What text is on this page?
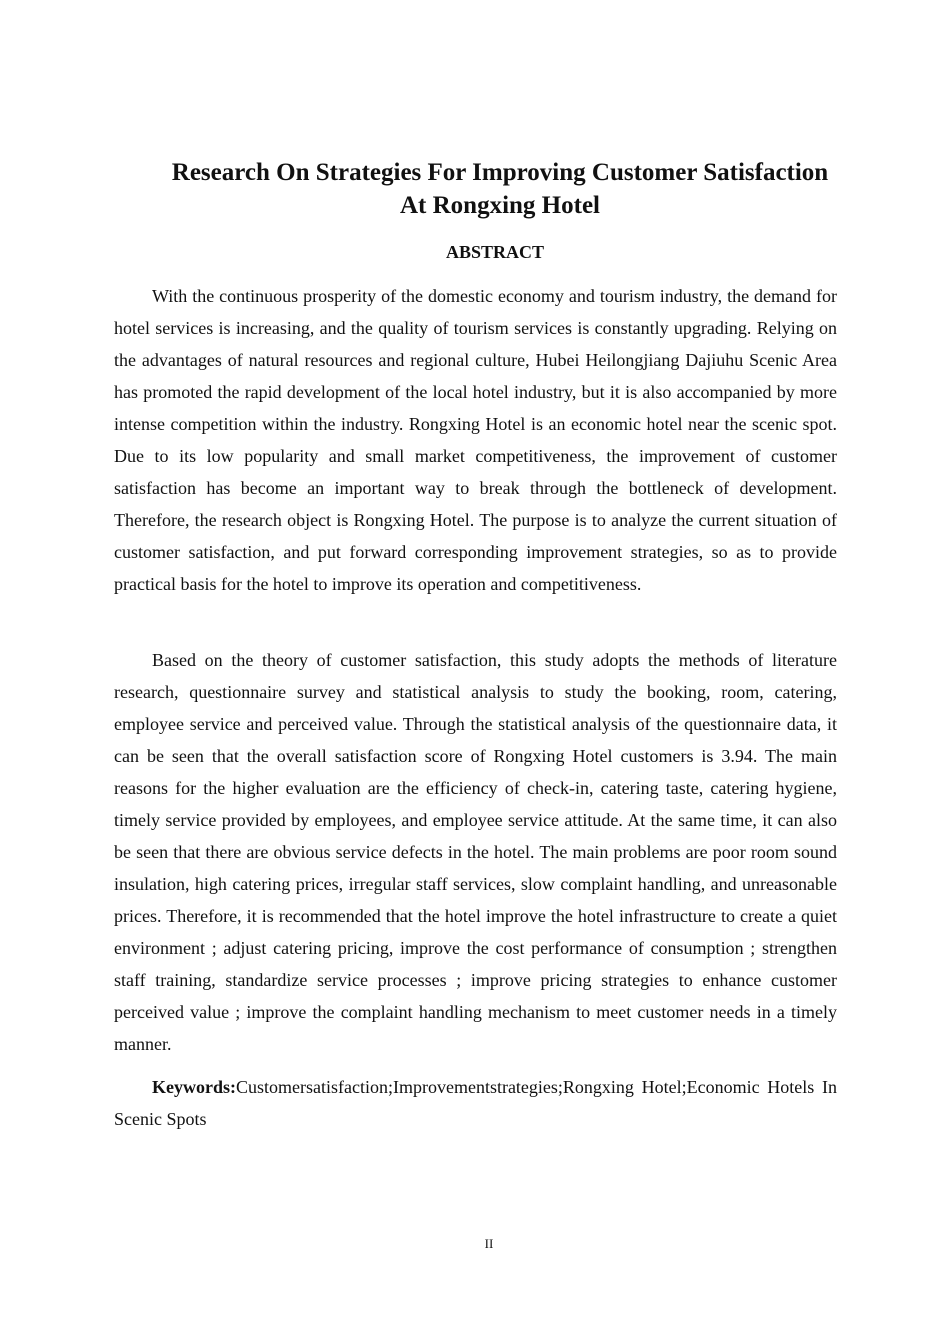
Research On Strategies For Improving Customer Satisfaction
At Rongxing Hotel
ABSTRACT

With the continuous prosperity of the domestic economy and tourism industry, the demand for hotel services is increasing, and the quality of tourism services is constantly upgrading. Relying on the advantages of natural resources and regional culture, Hubei Heilongjiang Dajiuhu Scenic Area has promoted the rapid development of the local hotel industry, but it is also accompanied by more intense competition within the industry. Rongxing Hotel is an economic hotel near the scenic spot. Due to its low popularity and small market competitiveness, the improvement of customer satisfaction has become an important way to break through the bottleneck of development. Therefore, the research object is Rongxing Hotel. The purpose is to analyze the current situation of customer satisfaction, and put forward corresponding improvement strategies, so as to provide practical basis for the hotel to improve its operation and competitiveness.

Based on the theory of customer satisfaction, this study adopts the methods of literature research, questionnaire survey and statistical analysis to study the booking, room, catering, employee service and perceived value. Through the statistical analysis of the questionnaire data, it can be seen that the overall satisfaction score of Rongxing Hotel customers is 3.94. The main reasons for the higher evaluation are the efficiency of check-in, catering taste, catering hygiene, timely service provided by employees, and employee service attitude. At the same time, it can also be seen that there are obvious service defects in the hotel. The main problems are poor room sound insulation, high catering prices, irregular staff services, slow complaint handling, and unreasonable prices. Therefore, it is recommended that the hotel improve the hotel infrastructure to create a quiet environment ; adjust catering pricing, improve the cost performance of consumption ; strengthen staff training, standardize service processes ; improve pricing strategies to enhance customer perceived value ; improve the complaint handling mechanism to meet customer needs in a timely manner.

Keywords:Customersatisfaction;Improvementstrategies;Rongxing Hotel;Economic Hotels In Scenic Spots

II
